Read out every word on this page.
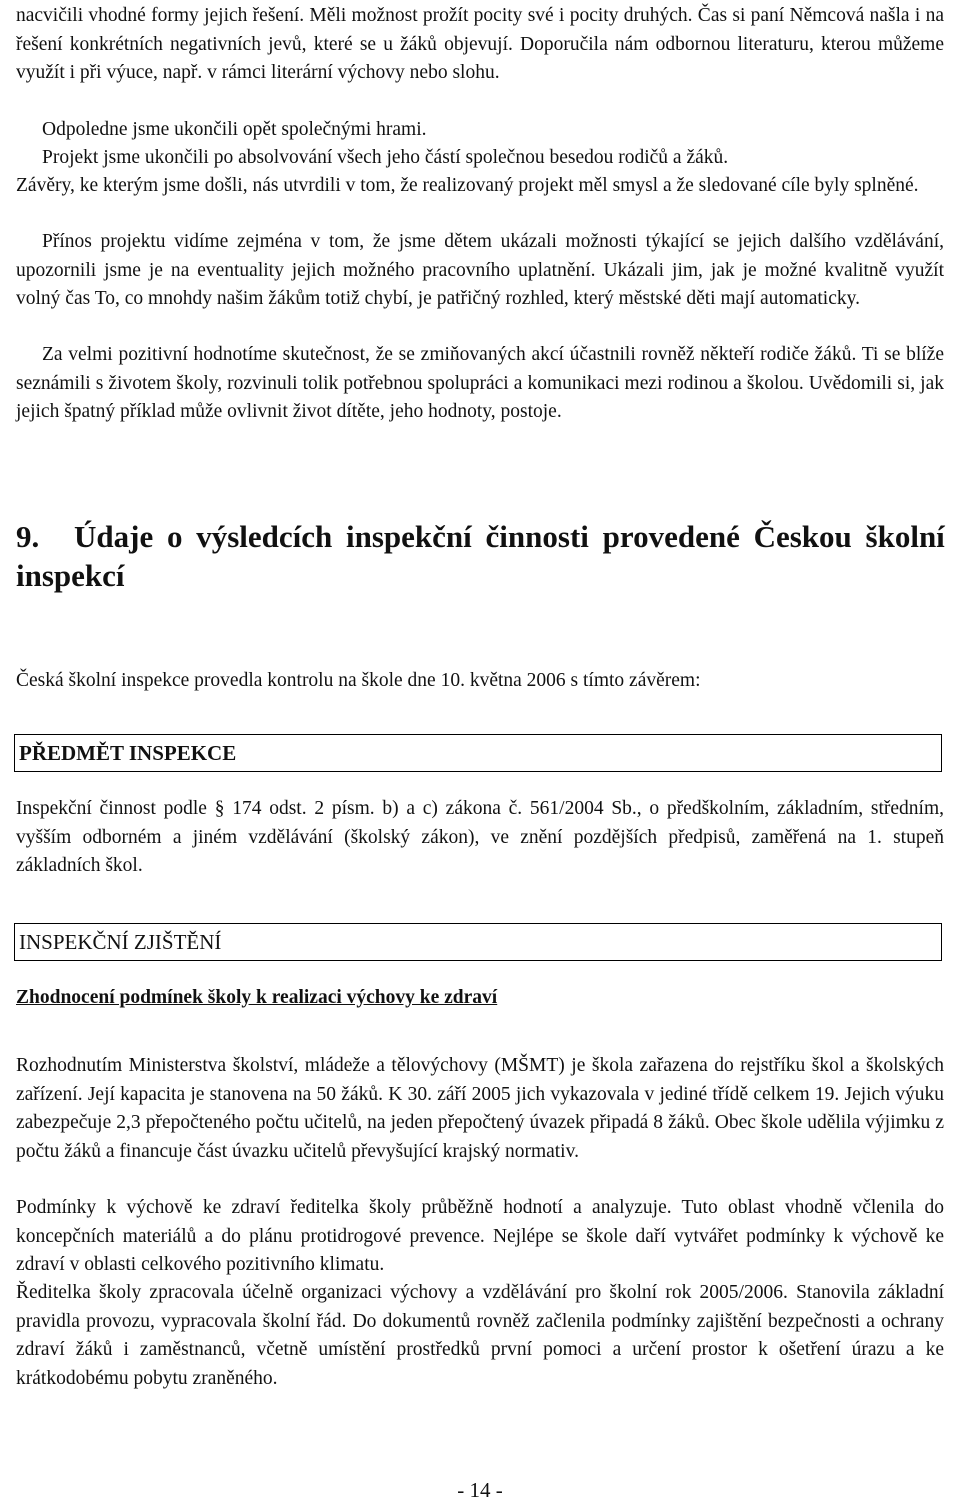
nacvičili vhodné formy jejich řešení. Měli možnost prožít pocity své i pocity druhých. Čas si paní Němcová našla i na řešení konkrétních negativních jevů, které se u žáků objevují. Doporučila nám odbornou literaturu, kterou můžeme využít i při výuce, např. v rámci literární výchovy nebo slohu.

Odpoledne jsme ukončili opět společnými hrami.

Projekt jsme ukončili po absolvování všech jeho částí společnou besedou rodičů a žáků.

Závěry, ke kterým jsme došli, nás utvrdili v tom, že realizovaný projekt měl smysl a že sledované cíle byly splněné.

Přínos projektu vidíme zejména v tom, že jsme dětem ukázali možnosti týkající se jejich dalšího vzdělávání, upozornili jsme je na eventuality jejich možného pracovního uplatnění. Ukázali jim, jak je možné kvalitně využít volný čas To, co mnohdy našim žákům totiž chybí, je patřičný rozhled, který městské děti mají automaticky.

Za velmi pozitivní hodnotíme skutečnost, že se zmiňovaných akcí účastnili rovněž někteří rodiče žáků. Ti se blíže seznámili s životem školy, rozvinuli tolik potřebnou spolupráci a komunikaci mezi rodinou a školou. Uvědomili si, jak jejich špatný příklad může ovlivnit život dítěte, jeho hodnoty, postoje.

9. Údaje o výsledcích inspekční činnosti provedené Českou školní inspekcí

Česká školní inspekce provedla kontrolu na škole dne 10. května 2006 s tímto závěrem:

PŘEDMĚT INSPEKCE

Inspekční činnost podle § 174 odst. 2 písm. b) a c) zákona č. 561/2004 Sb., o předškolním, základním, středním, vyšším odborném a jiném vzdělávání (školský zákon), ve znění pozdějších předpisů, zaměřená na 1. stupeň základních škol.

INSPEKČNÍ ZJIŠTĚNÍ
Zhodnocení podmínek školy k realizaci výchovy ke zdraví

Rozhodnutím Ministerstva školství, mládeže a tělovýchovy (MŠMT) je škola zařazena do rejstříku škol a školských zařízení. Její kapacita je stanovena na 50 žáků. K 30. září 2005 jich vykazovala v jediné třídě celkem 19. Jejich výuku zabezpečuje 2,3 přepočteného počtu učitelů, na jeden přepočtený úvazek připadá 8 žáků. Obec škole udělila výjimku z počtu žáků a financuje část úvazku učitelů převyšující krajský normativ.

Podmínky k výchově ke zdraví ředitelka školy průběžně hodnotí a analyzuje. Tuto oblast vhodně včlenila do koncepčních materiálů a do plánu protidrogové prevence. Nejlépe se škole daří vytvářet podmínky k výchově ke zdraví v oblasti celkového pozitivního klimatu.

Ředitelka školy zpracovala účelně organizaci výchovy a vzdělávání pro školní rok 2005/2006. Stanovila základní pravidla provozu, vypracovala školní řád. Do dokumentů rovněž začlenila podmínky zajištění bezpečnosti a ochrany zdraví žáků i zaměstnanců, včetně umístění prostředků první pomoci a určení prostor k ošetření úrazu a ke krátkodobému pobytu zraněného.

- 14 -
